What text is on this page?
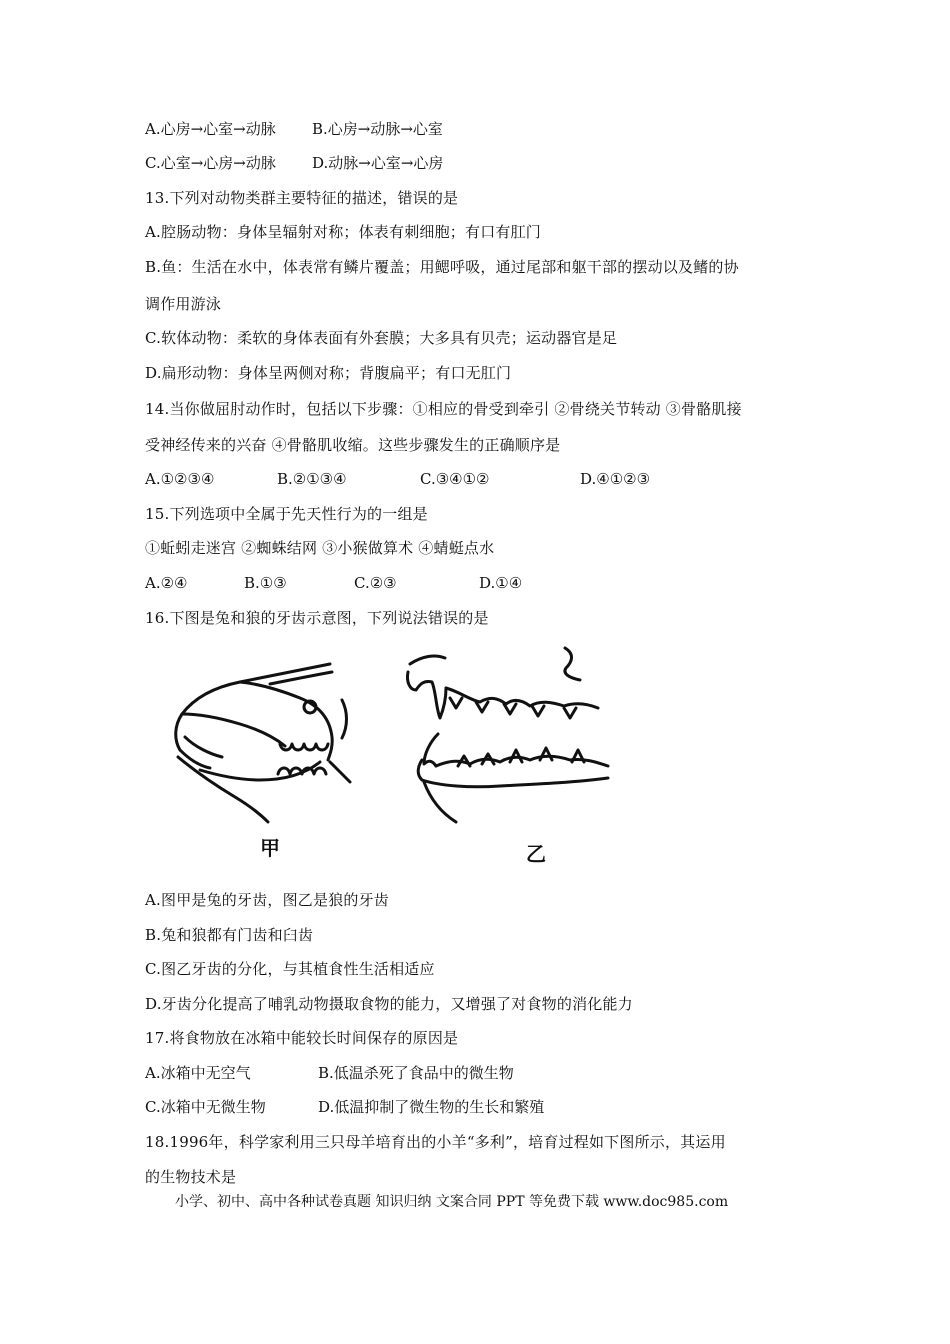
A.心房→心室→动脉 B.心房→动脉→心室
C.心室→心房→动脉 D.动脉→心室→心房
13.下列对动物类群主要特征的描述，错误的是
A.腔肠动物：身体呈辐射对称；体表有刺细胞；有口有肛门
B.鱼：生活在水中，体表常有鳞片覆盖；用鳃呼吸，通过尾部和躯干部的摆动以及鳍的协
调作用游泳
C.软体动物：柔软的身体表面有外套膜；大多具有贝壳；运动器官是足
D.扁形动物：身体呈两侧对称；背腹扁平；有口无肛门
14.当你做屈肘动作时，包括以下步骤：①相应的骨受到牵引 ②骨绕关节转动 ③骨骼肌接
受神经传来的兴奋 ④骨骼肌收缩。这些步骤发生的正确顺序是
A.①②③④	B.②①③④	C.③④①②	D.④①②③
15.下列选项中全属于先天性行为的一组是
①蚯蚓走迷宫 ②蜘蛛结网 ③小猴做算术 ④蜻蜓点水
A.②④	B.①③	C.②③	D.①④
16.下图是兔和狼的牙齿示意图，下列说法错误的是
甲	乙
A.图甲是兔的牙齿，图乙是狼的牙齿
B.兔和狼都有门齿和臼齿
C.图乙牙齿的分化，与其植食性生活相适应
D.牙齿分化提高了哺乳动物摄取食物的能力，又增强了对食物的消化能力
17.将食物放在冰箱中能较长时间保存的原因是
A.冰箱中无空气	B.低温杀死了食品中的微生物
C.冰箱中无微生物	D.低温抑制了微生物的生长和繁殖
18.1996年，科学家利用三只母羊培育出的小羊“多利”，培育过程如下图所示，其运用
的生物技术是
小学、初中、高中各种试卷真题 知识归纳 文案合同 PPT 等免费下载 www.doc985.com
